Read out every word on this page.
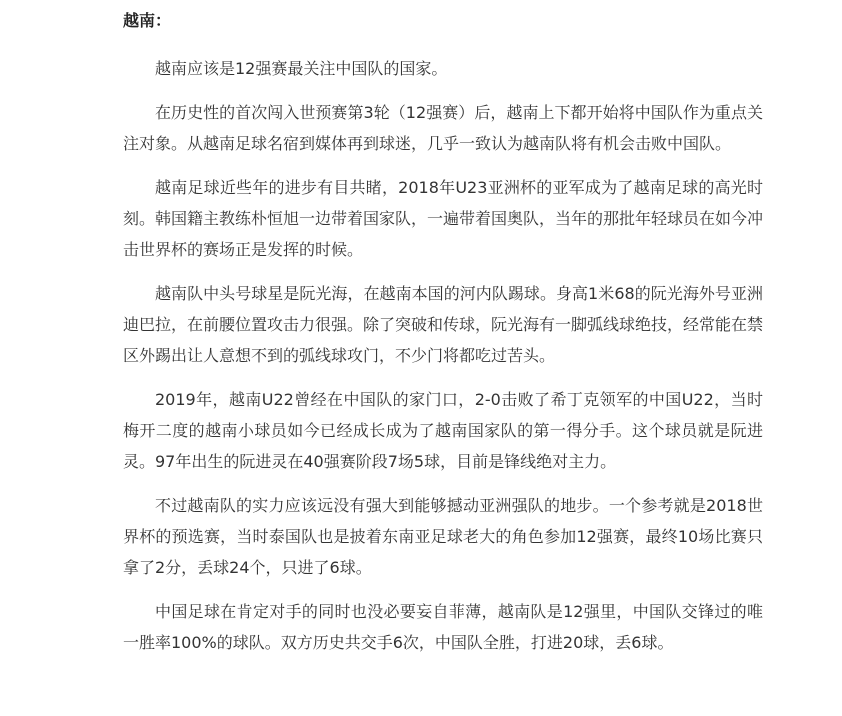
越南：

越南应该是12强赛最关注中国队的国家。

在历史性的首次闯入世预赛第3轮（12强赛）后，越南上下都开始将中国队作为重点关注对象。从越南足球名宿到媒体再到球迷，几乎一致认为越南队将有机会击败中国队。

越南足球近些年的进步有目共睹，2018年U23亚洲杯的亚军成为了越南足球的高光时刻。韩国籍主教练朴恒旭一边带着国家队，一遍带着国奥队，当年的那批年轻球员在如今冲击世界杯的赛场正是发挥的时候。

越南队中头号球星是阮光海，在越南本国的河内队踢球。身高1米68的阮光海外号亚洲迪巴拉，在前腰位置攻击力很强。除了突破和传球，阮光海有一脚弧线球绝技，经常能在禁区外踢出让人意想不到的弧线球攻门，不少门将都吃过苦头。

2019年，越南U22曾经在中国队的家门口，2-0击败了希丁克领军的中国U22，当时梅开二度的越南小球员如今已经成长成为了越南国家队的第一得分手。这个球员就是阮进灵。97年出生的阮进灵在40强赛阶段7场5球，目前是锋线绝对主力。

不过越南队的实力应该远没有强大到能够撼动亚洲强队的地步。一个参考就是2018世界杯的预选赛，当时泰国队也是披着东南亚足球老大的角色参加12强赛，最终10场比赛只拿了2分，丢球24个，只进了6球。

中国足球在肯定对手的同时也没必要妄自菲薄，越南队是12强里，中国队交锋过的唯一胜率100%的球队。双方历史共交手6次，中国队全胜，打进20球，丢6球。
